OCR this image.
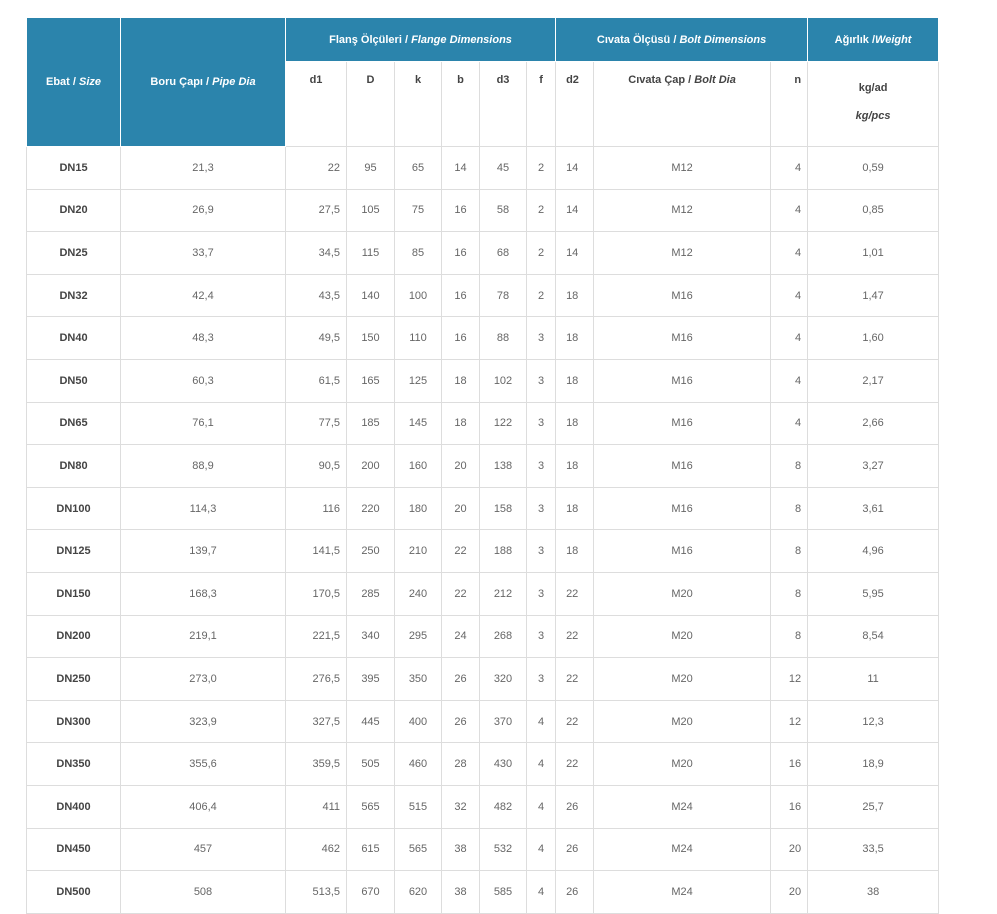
Ebat / Size	Boru Çapı / Pipe Dia	Flanş Ölçüleri / Flange Dimensions						Cıvata Ölçüsü / Bolt Dimensions			Ağırlık /Weight
		d1	D	k	b	d3	f	d2	Cıvata Çap / Bolt Dia	n	kg/ad
kg/pcs

DN15	21,3	22	95	65	14	45	2	14	M12	4	0,59
DN20	26,9	27,5	105	75	16	58	2	14	M12	4	0,85
DN25	33,7	34,5	115	85	16	68	2	14	M12	4	1,01
DN32	42,4	43,5	140	100	16	78	2	18	M16	4	1,47
DN40	48,3	49,5	150	110	16	88	3	18	M16	4	1,60
DN50	60,3	61,5	165	125	18	102	3	18	M16	4	2,17
DN65	76,1	77,5	185	145	18	122	3	18	M16	4	2,66
DN80	88,9	90,5	200	160	20	138	3	18	M16	8	3,27
DN100	114,3	116	220	180	20	158	3	18	M16	8	3,61
DN125	139,7	141,5	250	210	22	188	3	18	M16	8	4,96
DN150	168,3	170,5	285	240	22	212	3	22	M20	8	5,95
DN200	219,1	221,5	340	295	24	268	3	22	M20	8	8,54
DN250	273,0	276,5	395	350	26	320	3	22	M20	12	11
DN300	323,9	327,5	445	400	26	370	4	22	M20	12	12,3
DN350	355,6	359,5	505	460	28	430	4	22	M20	16	18,9
DN400	406,4	411	565	515	32	482	4	26	M24	16	25,7
DN450	457	462	615	565	38	532	4	26	M24	20	33,5
DN500	508	513,5	670	620	38	585	4	26	M24	20	38
